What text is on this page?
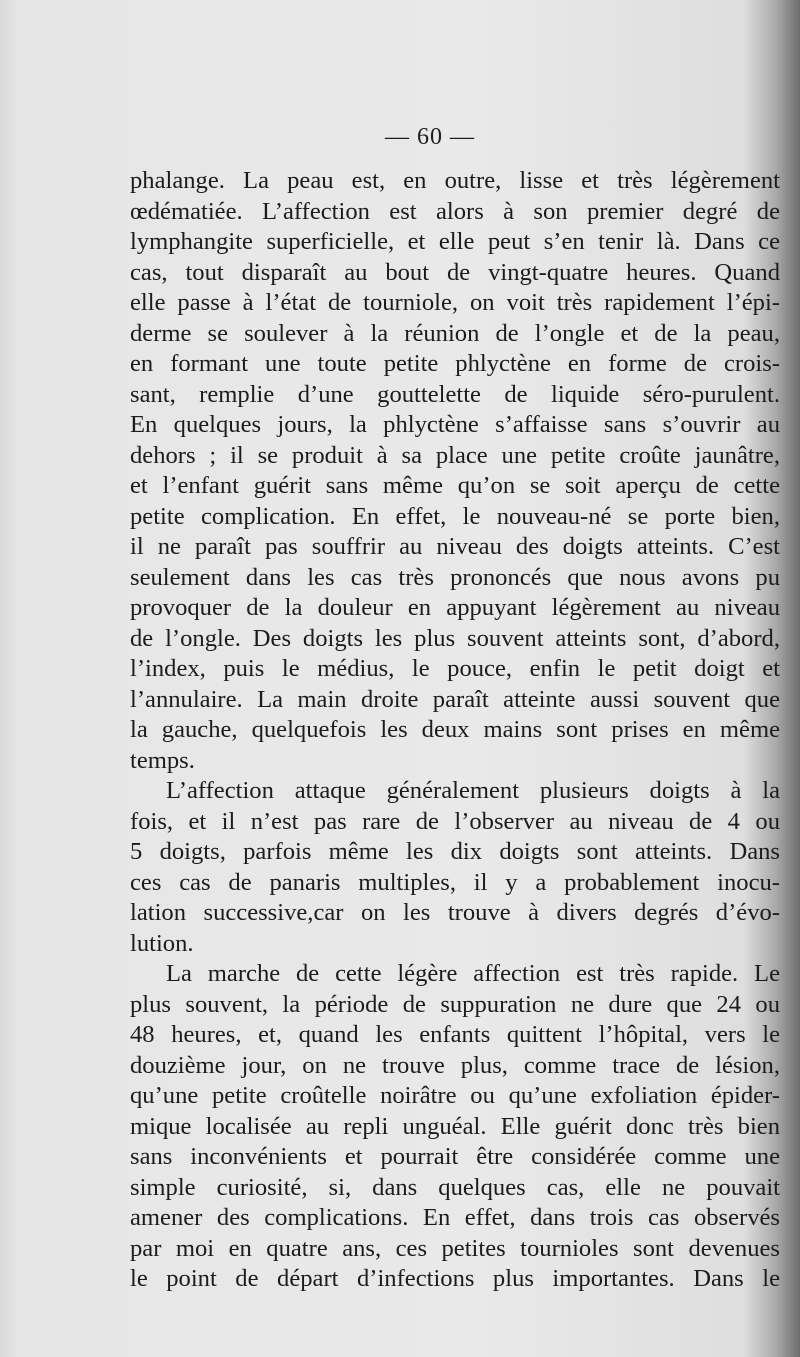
— 60 —
phalange. La peau est, en outre, lisse et très légèrement
œdématiée. L’affection est alors à son premier degré de
lymphangite superficielle, et elle peut s’en tenir là. Dans ce
cas, tout disparaît au bout de vingt-quatre heures. Quand
elle passe à l’état de tourniole, on voit très rapidement l’épi-
derme se soulever à la réunion de l’ongle et de la peau,
en formant une toute petite phlyctène en forme de crois-
sant, remplie d’une gouttelette de liquide séro-purulent.
En quelques jours, la phlyctène s’affaisse sans s’ouvrir au
dehors ; il se produit à sa place une petite croûte jaunâtre,
et l’enfant guérit sans même qu’on se soit aperçu de cette
petite complication. En effet, le nouveau-né se porte bien,
il ne paraît pas souffrir au niveau des doigts atteints. C’est
seulement dans les cas très prononcés que nous avons pu
provoquer de la douleur en appuyant légèrement au niveau
de l’ongle. Des doigts les plus souvent atteints sont, d’abord,
l’index, puis le médius, le pouce, enfin le petit doigt et
l’annulaire. La main droite paraît atteinte aussi souvent que
la gauche, quelquefois les deux mains sont prises en même
temps.
L’affection attaque généralement plusieurs doigts à la
fois, et il n’est pas rare de l’observer au niveau de 4 ou
5 doigts, parfois même les dix doigts sont atteints. Dans
ces cas de panaris multiples, il y a probablement inocu-
lation successive,car on les trouve à divers degrés d’évo-
lution.
La marche de cette légère affection est très rapide. Le
plus souvent, la période de suppuration ne dure que 24 ou
48 heures, et, quand les enfants quittent l’hôpital, vers le
douzième jour, on ne trouve plus, comme trace de lésion,
qu’une petite croûtelle noirâtre ou qu’une exfoliation épider-
mique localisée au repli unguéal. Elle guérit donc très bien
sans inconvénients et pourrait être considérée comme une
simple curiosité, si, dans quelques cas, elle ne pouvait
amener des complications. En effet, dans trois cas observés
par moi en quatre ans, ces petites tournioles sont devenues
le point de départ d’infections plus importantes. Dans le
